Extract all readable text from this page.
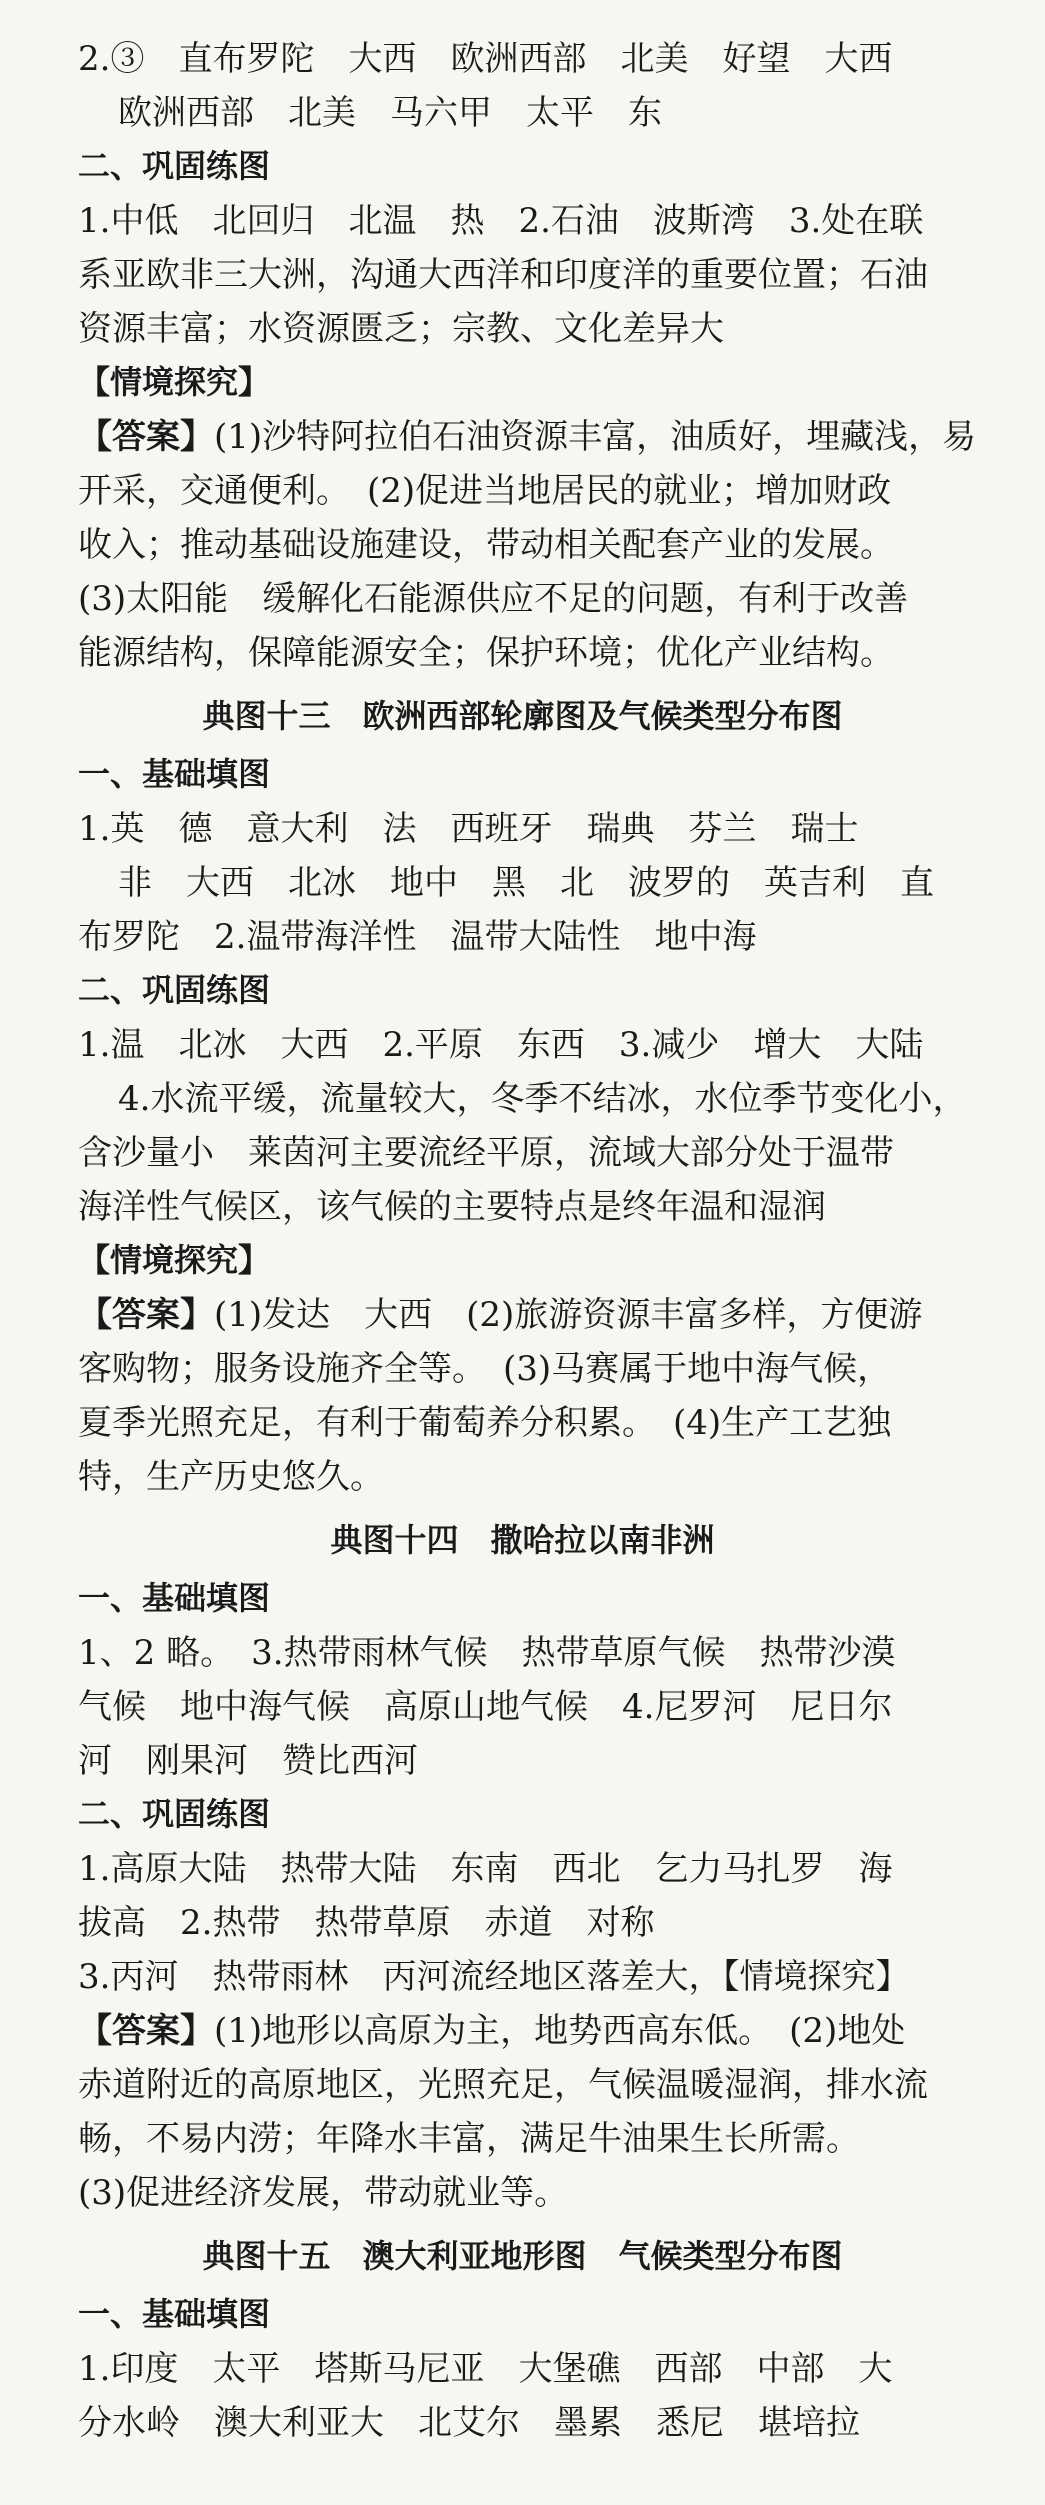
2.③　直布罗陀　大西　欧洲西部　北美　好望　大西
欧洲西部　北美　马六甲　太平　东
二、巩固练图
1.中低　北回归　北温　热　2.石油　波斯湾　3.处在联
系亚欧非三大洲，沟通大西洋和印度洋的重要位置；石油
资源丰富；水资源匮乏；宗教、文化差异大
【情境探究】
【答案】(1)沙特阿拉伯石油资源丰富，油质好，埋藏浅，易
开采，交通便利。　(2)促进当地居民的就业；增加财政
收入；推动基础设施建设，带动相关配套产业的发展。
(3)太阳能　缓解化石能源供应不足的问题，有利于改善
能源结构，保障能源安全；保护环境；优化产业结构。
典图十三　欧洲西部轮廓图及气候类型分布图
一、基础填图
1.英　德　意大利　法　西班牙　瑞典　芬兰　瑞士
非　大西　北冰　地中　黑　北　波罗的　英吉利　直
布罗陀　2.温带海洋性　温带大陆性　地中海
二、巩固练图
1.温　北冰　大西　2.平原　东西　3.减少　增大　大陆
4.水流平缓，流量较大，冬季不结冰，水位季节变化小，
含沙量小　莱茵河主要流经平原，流域大部分处于温带
海洋性气候区，该气候的主要特点是终年温和湿润
【情境探究】
【答案】(1)发达　大西　(2)旅游资源丰富多样，方便游
客购物；服务设施齐全等。　(3)马赛属于地中海气候，
夏季光照充足，有利于葡萄养分积累。　(4)生产工艺独
特，生产历史悠久。
典图十四　撒哈拉以南非洲
一、基础填图
1、2 略。　3.热带雨林气候　热带草原气候　热带沙漠
气候　地中海气候　高原山地气候　4.尼罗河　尼日尔
河　刚果河　赞比西河
二、巩固练图
1.高原大陆　热带大陆　东南　西北　乞力马扎罗　海
拔高　2.热带　热带草原　赤道　对称
3.丙河　热带雨林　丙河流经地区落差大，【情境探究】
【答案】(1)地形以高原为主，地势西高东低。　(2)地处
赤道附近的高原地区，光照充足，气候温暖湿润，排水流
畅，不易内涝；年降水丰富，满足牛油果生长所需。
(3)促进经济发展，带动就业等。
典图十五　澳大利亚地形图　气候类型分布图
一、基础填图
1.印度　太平　塔斯马尼亚　大堡礁　西部　中部　大
分水岭　澳大利亚大　北艾尔　墨累　悉尼　堪培拉
